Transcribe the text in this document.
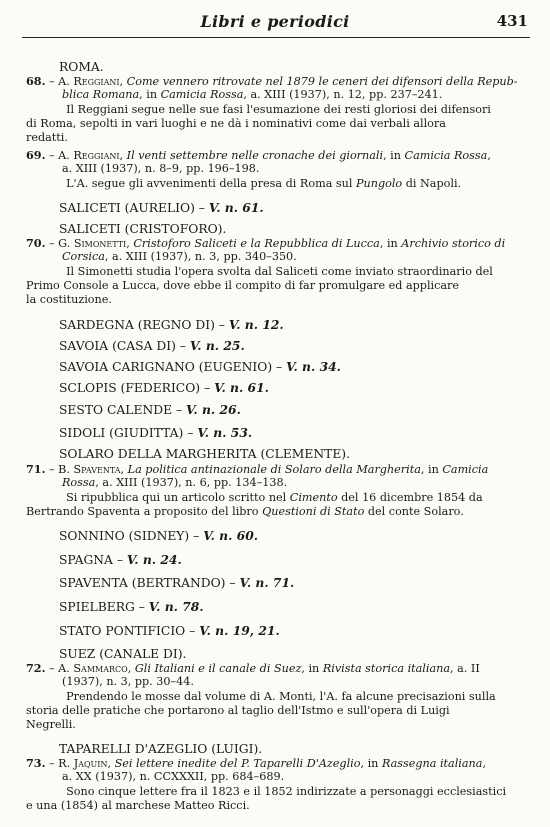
Libri e periodici	431
ROMA.
68. – A. Reggiani, Come vennero ritrovate nel 1879 le ceneri dei difensori della Repub-
blica Romana, in Camicia Rossa, a. XIII (1937), n. 12, pp. 237–241.
Il Reggiani segue nelle sue fasi l'esumazione dei resti gloriosi dei difensori
di Roma, sepolti in vari luoghi e ne dà i nominativi come dai verbali allora
redatti.
69. – A. Reggiani, Il venti settembre nelle cronache dei giornali, in Camicia Rossa,
a. XIII (1937), n. 8–9, pp. 196–198.
L'A. segue gli avvenimenti della presa di Roma sul Pungolo di Napoli.
SALICETI (AURELIO) – V. n. 61.
SALICETI (CRISTOFORO).
70. – G. Simonetti, Cristoforo Saliceti e la Repubblica di Lucca, in Archivio storico di
Corsica, a. XIII (1937), n. 3, pp. 340–350.
Il Simonetti studia l'opera svolta dal Saliceti come inviato straordinario del
Primo Console a Lucca, dove ebbe il compito di far promulgare ed applicare
la costituzione.
SARDEGNA (REGNO DI) – V. n. 12.
SAVOIA (CASA DI) – V. n. 25.
SAVOIA CARIGNANO (EUGENIO) – V. n. 34.
SCLOPIS (FEDERICO) – V. n. 61.
SESTO CALENDE – V. n. 26.
SIDOLI (GIUDITTA) – V. n. 53.
SOLARO DELLA MARGHERITA (CLEMENTE).
71. – B. Spaventa, La politica antinazionale di Solaro della Margherita, in Camicia
Rossa, a. XIII (1937), n. 6, pp. 134–138.
Si ripubblica qui un articolo scritto nel Cimento del 16 dicembre 1854 da
Bertrando Spaventa a proposito del libro Questioni di Stato del conte Solaro.
SONNINO (SIDNEY) – V. n. 60.
SPAGNA – V. n. 24.
SPAVENTA (BERTRANDO) – V. n. 71.
SPIELBERG – V. n. 78.
STATO PONTIFICIO – V. n. 19, 21.
SUEZ (CANALE DI).
72. – A. Sammarco, Gli Italiani e il canale di Suez, in Rivista storica italiana, a. II
(1937), n. 3, pp. 30–44.
Prendendo le mosse dal volume di A. Monti, l'A. fa alcune precisazioni sulla
storia delle pratiche che portarono al taglio dell'Istmo e sull'opera di Luigi
Negrelli.
TAPARELLI D'AZEGLIO (LUIGI).
73. – R. Jaquin, Sei lettere inedite del P. Taparelli D'Azeglio, in Rassegna italiana,
a. XX (1937), n. CCXXXII, pp. 684–689.
Sono cinque lettere fra il 1823 e il 1852 indirizzate a personaggi ecclesiastici
e una (1854) al marchese Matteo Ricci.
